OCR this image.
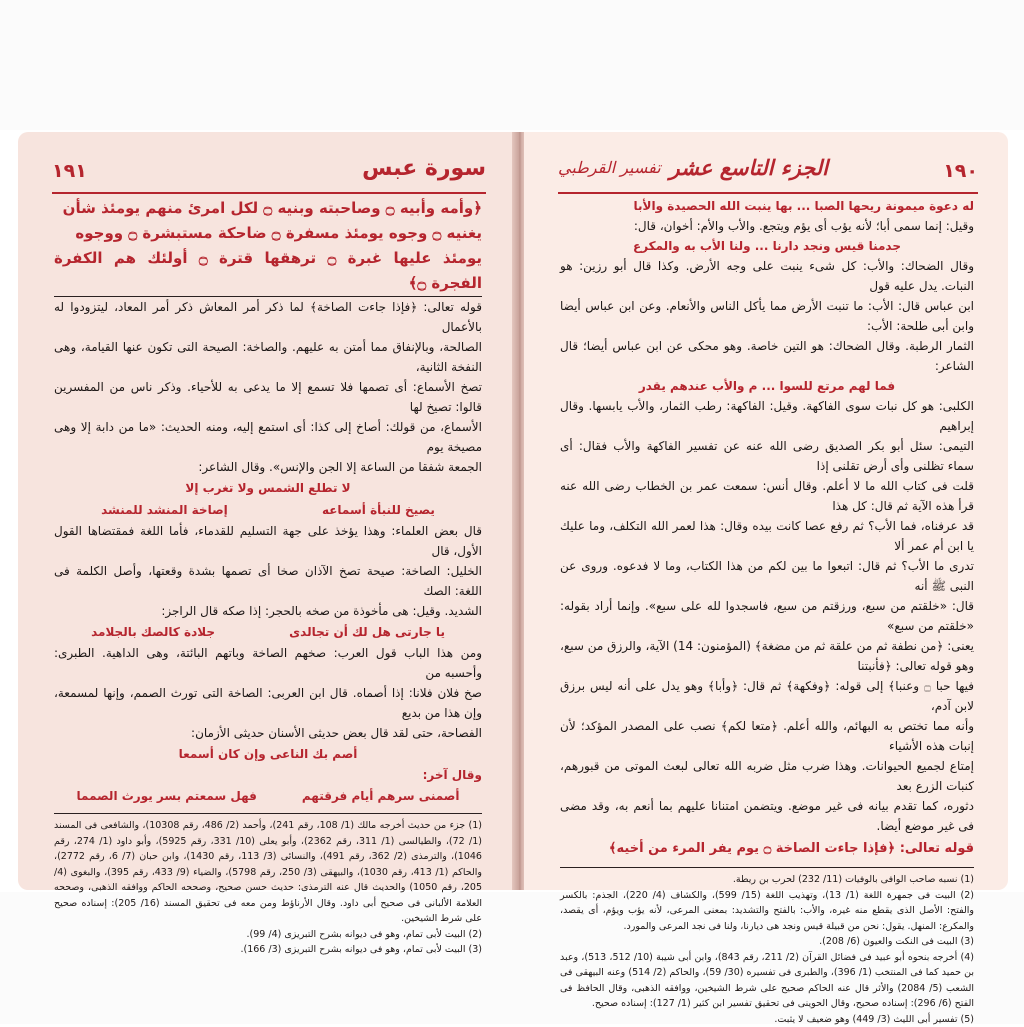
١٩١	سورة عبس

﴿وأمه وأبيه ۝ وصاحبته وبنيه ۝ لكل امرئ منهم يومئذ شأن

يغنيه ۝ وجوه يومئذ مسفرة ۝ ضاحكة مستبشرة ۝ ووجوه

يومئذ عليها غبرة ۝ ترهقها قترة ۝ أولئك هم الكفرة الفجرة ۝﴾

قوله تعالى: ﴿فإذا جاءت الصاخة﴾ لما ذكر أمر المعاش ذكر أمر المعاد، ليتزودوا له بالأعمال

الصالحة، وبالإنفاق مما أمتن به عليهم. والصاخة: الصيحة التى تكون عنها القيامة، وهى النفخة الثانية،

تصخ الأسماع: أى تصمها فلا تسمع إلا ما يدعى به للأحياء. وذكر ناس من المفسرين قالوا: تصيخ لها

الأسماع، من قولك: أصاخ إلى كذا: أى استمع إليه، ومنه الحديث: «ما من دابة إلا وهى مصيخة يوم

الجمعة شفقا من الساعة إلا الجن والإنس». وقال الشاعر:

لا تطلع الشمس ولا تغرب إلا
يصيخ للنبأة أسماعه
إصاخة المنشد للمنشد

قال بعض العلماء: وهذا يؤخذ على جهة التسليم للقدماء، فأما اللغة فمقتضاها القول الأول، قال

الخليل: الصاخة: صيحة تصخ الآذان صخا أى تصمها بشدة وقعتها، وأصل الكلمة فى اللغة: الصك

الشديد. وقيل: هى مأخوذة من صخه بالحجر: إذا صكه قال الراجز:

يا جارتى هل لك أن تجالدى
جلادة كالصك بالجلامد

ومن هذا الباب قول العرب: صخهم الصاخة وباتهم البائتة، وهى الداهية. الطبرى: وأحسبه من

صخ فلان فلانا: إذا أصماه. قال ابن العربى: الصاخة التى تورث الصمم، وإنها لمسمعة، وإن هذا من بديع

الفصاحة، حتى لقد قال بعض حديثى الأسنان حديثى الأزمان:

أصم بك الناعى وإن كان أسمعا

وقال آخر:

أصمنى سرهم أيام فرقتهم
فهل سمعتم بسر يورث الصمما

(1) جزء من حديث أخرجه مالك (1/ 108، رقم 241)، وأحمد (2/ 486، رقم 10308)، والشافعى فى المسند (1/ 72)، والطيالسى (1/ 311، رقم 2362)، وأبو يعلى (10/ 331، رقم 5925)، وأبو داود (1/ 274، رقم 1046)، والترمذى (2/ 362، رقم 491)، والنسائى (3/ 113، رقم 1430)، وابن حبان (7/ 6، رقم 2772)، والحاكم (1/ 413، رقم 1030)، والبيهقى (3/ 250، رقم 5798)، والضياء (9/ 433، رقم 395)، والبغوى (4/ 205، رقم 1050) والحديث قال عنه الترمذى: حديث حسن صحيح، وصححه الحاكم ووافقه الذهبى، وصححه العلامة الألبانى فى صحيح أبى داود. وقال الأرناؤط ومن معه فى تحقيق المسند (16/ 205): إسناده صحيح على شرط الشيخين.

(2) البيت لأبى تمام، وهو فى ديوانه بشرح التبريزى (4/ 99).

(3) البيت لأبى تمام، وهو فى ديوانه بشرح التبريزى (3/ 166).

١٩٠
الجزء التاسع عشر
تفسير القرطبي

له دعوة ميمونة ريحها الصبا ... بها ينبت الله الحصيدة والأبا

وقيل: إنما سمى أبا؛ لأنه يؤب أى يؤم ويتجع. والأب والأم: أخوان، قال:

جدمنا قيس ونجد دارنا ... ولنا الأب به والمكرع

وقال الضحاك: والأب: كل شىء ينبت على وجه الأرض. وكذا قال أبو رزين: هو النبات. يدل عليه قول

ابن عباس قال: الأب: ما تنبت الأرض مما يأكل الناس والأنعام. وعن ابن عباس أيضا وابن أبى طلحة: الأب:

الثمار الرطبة. وقال الضحاك: هو التين خاصة. وهو محكى عن ابن عباس أيضا؛ قال الشاعر:

فما لهم مرتع للسوا ... م والأب عندهم يقدر

الكلبى: هو كل نبات سوى الفاكهة. وقيل: الفاكهة: رطب الثمار، والأب يابسها. وقال إبراهيم

التيمى: سئل أبو بكر الصديق رضى الله عنه عن تفسير الفاكهة والأب فقال: أى سماء تظلنى وأى أرض تقلنى إذا

قلت فى كتاب الله ما لا أعلم. وقال أنس: سمعت عمر بن الخطاب رضى الله عنه قرأ هذه الآية ثم قال: كل هذا

قد عرفناه، فما الأب؟ ثم رفع عصا كانت بيده وقال: هذا لعمر الله التكلف، وما عليك يا ابن أم عمر ألا

تدرى ما الأب؟ ثم قال: اتبعوا ما بين لكم من هذا الكتاب، وما لا فدعوه. وروى عن النبى ﷺ أنه

قال: «خلقتم من سبع، ورزقتم من سبع، فاسجدوا لله على سبع». وإنما أراد بقوله: «خلقتم من سبع»

يعنى: ﴿من نطفة ثم من علقة ثم من مضغة﴾ (المؤمنون: 14) الآية، والرزق من سبع، وهو قوله تعالى: ﴿فأنبتنا

فيها حبا ۝ وعنبا﴾ إلى قوله: ﴿وفكهة﴾ ثم قال: ﴿وأبا﴾ وهو يدل على أنه ليس برزق لابن آدم،

وأنه مما تختص به البهائم، والله أعلم. ﴿متعا لكم﴾ نصب على المصدر المؤكد؛ لأن إنبات هذه الأشياء

إمتاع لجميع الحيوانات. وهذا ضرب مثل ضربه الله تعالى لبعث الموتى من قبورهم، كنبات الزرع بعد

دثوره، كما تقدم بيانه فى غير موضع. ويتضمن امتنانا عليهم بما أنعم به، وقد مضى فى غير موضع أيضا.

قوله تعالى: ﴿فإذا جاءت الصاخة ۝ يوم يفر المرء من أخيه﴾

(1) نسبه صاحب الوافى بالوفيات (11/ 232) لحرب بن ريطة.

(2) البيت فى جمهرة اللغة (1/ 13)، وتهذيب اللغة (15/ 599)، والكشاف (4/ 220)، الجذم: بالكسر والفتح: الأصل الذى يقطع منه غيره، والأب: بالفتح والتشديد: بمعنى المرعى، لأنه يؤب ويؤم، أى يقصد، والمكرع: المنهل. يقول: نحن من قبيلة قيس ونجد هى ديارنا، ولنا فى نجد المرعى والمورد.

(3) البيت فى النكت والعيون (6/ 208).

(4) أخرجه بنحوه أبو عبيد فى فضائل القرآن (2/ 211، رقم 843)، وابن أبى شيبة (10/ 512، 513)، وعبد بن حميد كما فى المنتخب (1/ 396)، والطبرى فى تفسيره (30/ 59)، والحاكم (2/ 514) وعنه البيهقى فى الشعب (5/ 2084) والأثر قال عنه الحاكم صحيح على شرط الشيخين، ووافقه الذهبى، وقال الحافظ فى الفتح (6/ 296): إسناده صحيح، وقال الحوينى فى تحقيق تفسير ابن كثير (1/ 127): إسناده صحيح.

(5) تفسير أبى الليث (3/ 449) وهو ضعيف لا يثبت.
